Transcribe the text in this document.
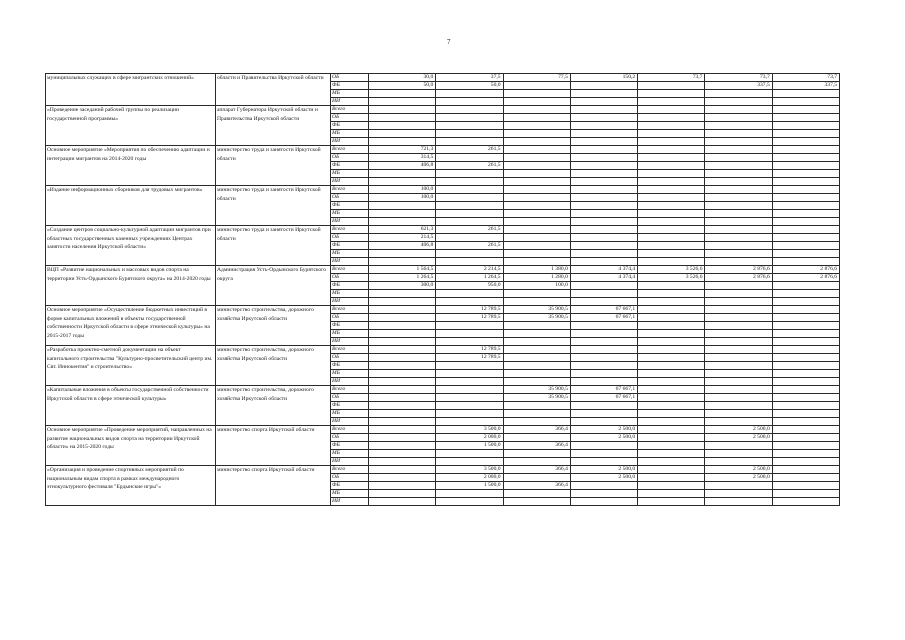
7
муниципальных служащих в сфере мигрантских отношений»	области и Правительства Иркутской области	ОБ	30,0	37,5	77,5	150,2	73,7	73,7	73,7
		ФБ	50,0	50,0				337,5	337,5
		МБ							
		ИИ							
«Проведение заседаний рабочей группы по реализации государственной программы»	аппарат Губернатора Иркутской области и Правительства Иркутской области	Всего							
		ОБ							
		ФБ							
		МБ							
		ИИ							
Основное мероприятие «Мероприятия по обеспечению адаптации и интеграции мигрантов на 2014-2020 годы	министерство труда и занятости Иркутской области	Всего	721,3	261,5					
		ОБ	314,5						
		ФБ	406,8	261,5					
		МБ							
		ИИ							
«Издание информационных сборников для трудовых мигрантов»	министерство труда и занятости Иркутской области	Всего	100,0						
		ОБ	100,0						
		ФБ							
		МБ							
		ИИ							
«Создание центров социально-культурной адаптации мигрантов при областных государственных казенных учреждениях Центрах занятости населения Иркутской области»	министерство труда и занятости Иркутской области	Всего	621,3	261,5					
		ОБ	214,5						
		ФБ	406,8	261,5					
		МБ							
		ИИ							
ВЦП «Развитие национальных и массовых видов спорта на территории Усть-Ордынского Бурятского округа» на 2014-2020 годы	Администрация Усть-Ордынского Бурятского округа	Всего	1 564,5	2 214,5	1 380,0	4 374,4	3 526,6	2 876,6	2 876,6
		ОБ	1 264,5	1 264,5	1 280,0	4 374,4	3 526,6	2 876,6	2 876,6
		ФБ	300,0	950,0	100,0				
		МБ							
		ИИ							
Основное мероприятие «Осуществление бюджетных инвестиций в форме капитальных вложений в объекты государственной собственности Иркутской области в сфере этнической культуры» на 2015-2017 годы	министерство строительства, дорожного хозяйства Иркутской области	Всего		12 789,5	35 900,5	67 667,1			
		ОБ		12 789,5	35 900,5	67 667,1			
		ФБ							
		МБ							
		ИИ							
«Разработка проектно-сметной документации на объект капитального строительства "Культурно-просветительский центр им. Свт. Иннокентия" и строительство»	министерство строительства, дорожного хозяйства Иркутской области	Всего		12 789,5					
		ОБ		12 789,5					
		ФБ							
		МБ							
		ИИ							
«Капитальные вложения в объекты государственной собственности Иркутской области в сфере этнической культуры»	министерство строительства, дорожного хозяйства Иркутской области	Всего			35 900,5	67 667,1			
		ОБ			35 900,5	67 667,1			
		ФБ							
		МБ							
		ИИ							
Основное мероприятие «Проведение мероприятий, направленных на развитие национальных видов спорта на территории Иркутской области» на 2015-2020 годы	министерство спорта Иркутской области	Всего		3 500,0	366,4	2 500,0		2 500,0	
		ОБ		2 000,0		2 500,0		2 500,0	
		ФБ		1 500,0	366,4				
		МБ							
		ИИ							
«Организация и проведение спортивных мероприятий по национальным видам спорта в рамках международного этнокультурного фестиваля "Ердынские игры"»	министерство спорта Иркутской области	Всего		3 500,0	366,4	2 500,0		2 500,0	
		ОБ		2 000,0		2 500,0		2 500,0	
		ФБ		1 500,0	366,4				
		МБ							
		ИИ							
